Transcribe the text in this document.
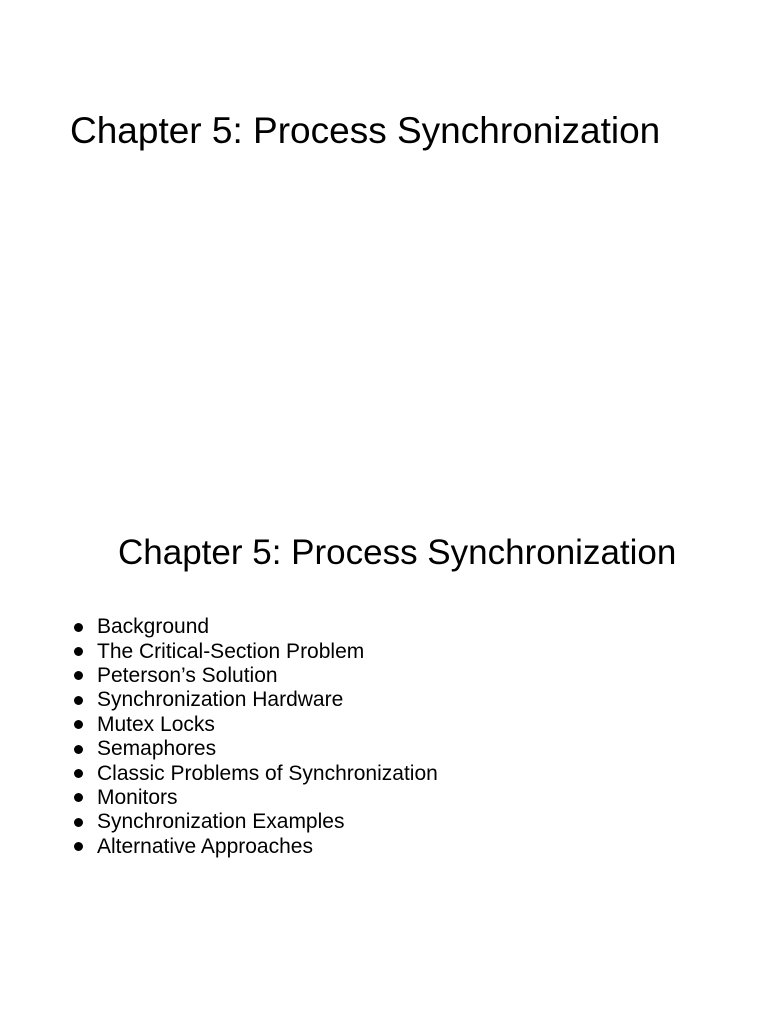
Chapter 5: Process Synchronization
Chapter 5: Process Synchronization
Background
The Critical-Section Problem
Peterson’s Solution
Synchronization Hardware
Mutex Locks
Semaphores
Classic Problems of Synchronization
Monitors
Synchronization Examples
Alternative Approaches
